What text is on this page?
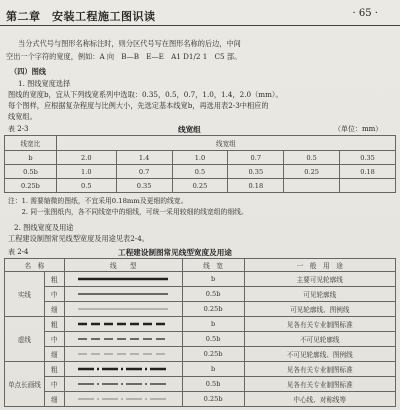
第二章　安装工程施工图识读	· 65 ·
当分式代号与图形名称标注时，则分区代号写在图形名称的后边，中间
空出一个字符的宽度，例如：A 向　B—B　E—E　A1 D1/2 1　C5 部。
（四）图线
1. 图线宽度选择
图线的宽度b，宜从下列线宽系列中选取：0.35，0.5，0.7，1.0，1.4，2.0（mm）。
每个图样，应根据复杂程度与比例大小，先选定基本线宽b，再选用表2-3中相应的
线宽组。
表 2-3	线宽组	（单位：mm）
线宽比	线宽组					
b	2.0	1.4	1.0	0.7	0.5	0.35
0.5b	1.0	0.7	0.5	0.35	0.25	0.18
0.25b	0.5	0.35	0.25	0.18		
注：1. 需要缩微的图纸，不宜采用0.18mm及更细的线宽。
　　2. 同一张图纸内，各不同线宽中的细线，可统一采用较细的线宽组的细线。
2. 图线宽度及用途
工程建设制图常见线型宽度及用途见表2-4。
表 2-4	工程建设制图常见线型宽度及用途
名　称		线　　型	线　宽	一　般　用　途
实线	粗		b	主要可见轮廓线
	中		0.5b	可见轮廓线
	细		0.25b	可见轮廓线、图例线
虚线	粗		b	见各有关专业制图标准
	中		0.5b	不可见轮廓线
	细		0.25b	不可见轮廓线、图例线
单点长画线	粗		b	见各有关专业制图标准
	中		0.5b	见各有关专业制图标准
	细		0.25b	中心线、对称线等
